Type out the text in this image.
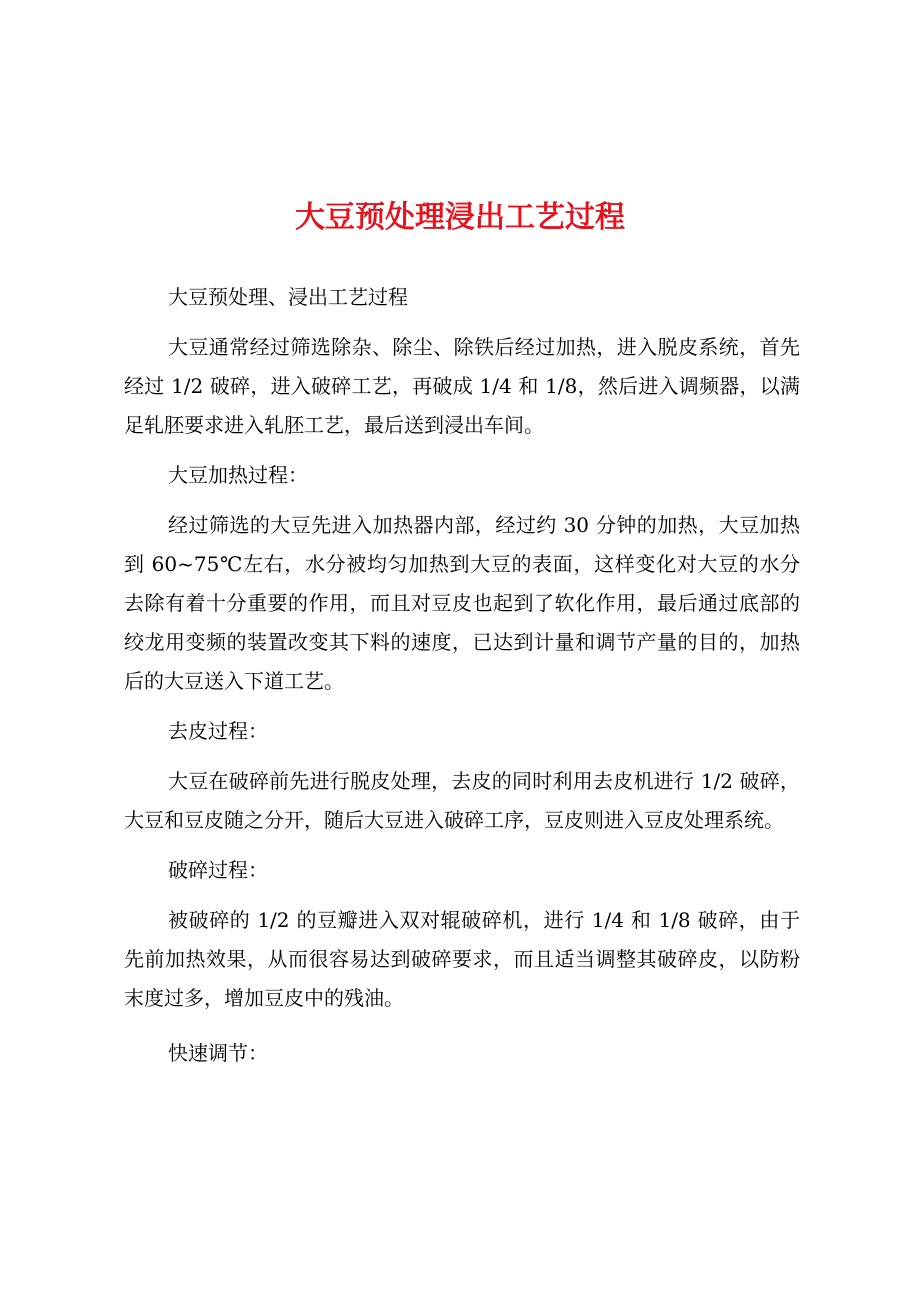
大豆预处理浸出工艺过程

大豆预处理、浸出工艺过程

大豆通常经过筛选除杂、除尘、除铁后经过加热，进入脱皮系统，首先经过 1/2 破碎，进入破碎工艺，再破成 1/4 和 1/8，然后进入调频器，以满足轧胚要求进入轧胚工艺，最后送到浸出车间。

大豆加热过程：

经过筛选的大豆先进入加热器内部，经过约 30 分钟的加热，大豆加热到 60~75℃左右，水分被均匀加热到大豆的表面，这样变化对大豆的水分去除有着十分重要的作用，而且对豆皮也起到了软化作用，最后通过底部的绞龙用变频的装置改变其下料的速度，已达到计量和调节产量的目的，加热后的大豆送入下道工艺。

去皮过程：

大豆在破碎前先进行脱皮处理，去皮的同时利用去皮机进行 1/2 破碎，大豆和豆皮随之分开，随后大豆进入破碎工序，豆皮则进入豆皮处理系统。

破碎过程：

被破碎的 1/2 的豆瓣进入双对辊破碎机，进行 1/4 和 1/8 破碎，由于先前加热效果，从而很容易达到破碎要求，而且适当调整其破碎皮，以防粉末度过多，增加豆皮中的残油。

快速调节：
